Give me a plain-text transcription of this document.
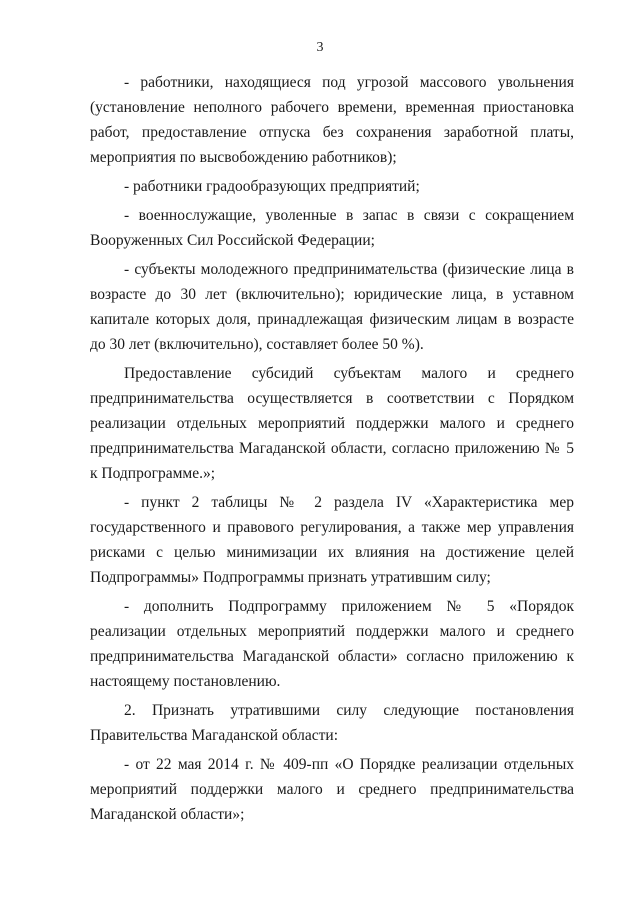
3

- работники, находящиеся под угрозой массового увольнения (установление неполного рабочего времени, временная приостановка работ, предоставление отпуска без сохранения заработной платы, мероприятия по высвобождению работников);

- работники градообразующих предприятий;

- военнослужащие, уволенные в запас в связи с сокращением Вооруженных Сил Российской Федерации;

- субъекты молодежного предпринимательства (физические лица в возрасте до 30 лет (включительно); юридические лица, в уставном капитале которых доля, принадлежащая физическим лицам в возрасте до 30 лет (включительно), составляет более 50 %).

Предоставление субсидий субъектам малого и среднего предпринимательства осуществляется в соответствии с Порядком реализации отдельных мероприятий поддержки малого и среднего предпринимательства Магаданской области, согласно приложению № 5 к Подпрограмме.»;

- пункт 2 таблицы № 2 раздела IV «Характеристика мер государственного и правового регулирования, а также мер управления рисками с целью минимизации их влияния на достижение целей Подпрограммы» Подпрограммы признать утратившим силу;

- дополнить Подпрограмму приложением № 5 «Порядок реализации отдельных мероприятий поддержки малого и среднего предпринимательства Магаданской области» согласно приложению к настоящему постановлению.

2. Признать утратившими силу следующие постановления Правительства Магаданской области:

- от 22 мая 2014 г. № 409-пп «О Порядке реализации отдельных мероприятий поддержки малого и среднего предпринимательства Магаданской области»;
